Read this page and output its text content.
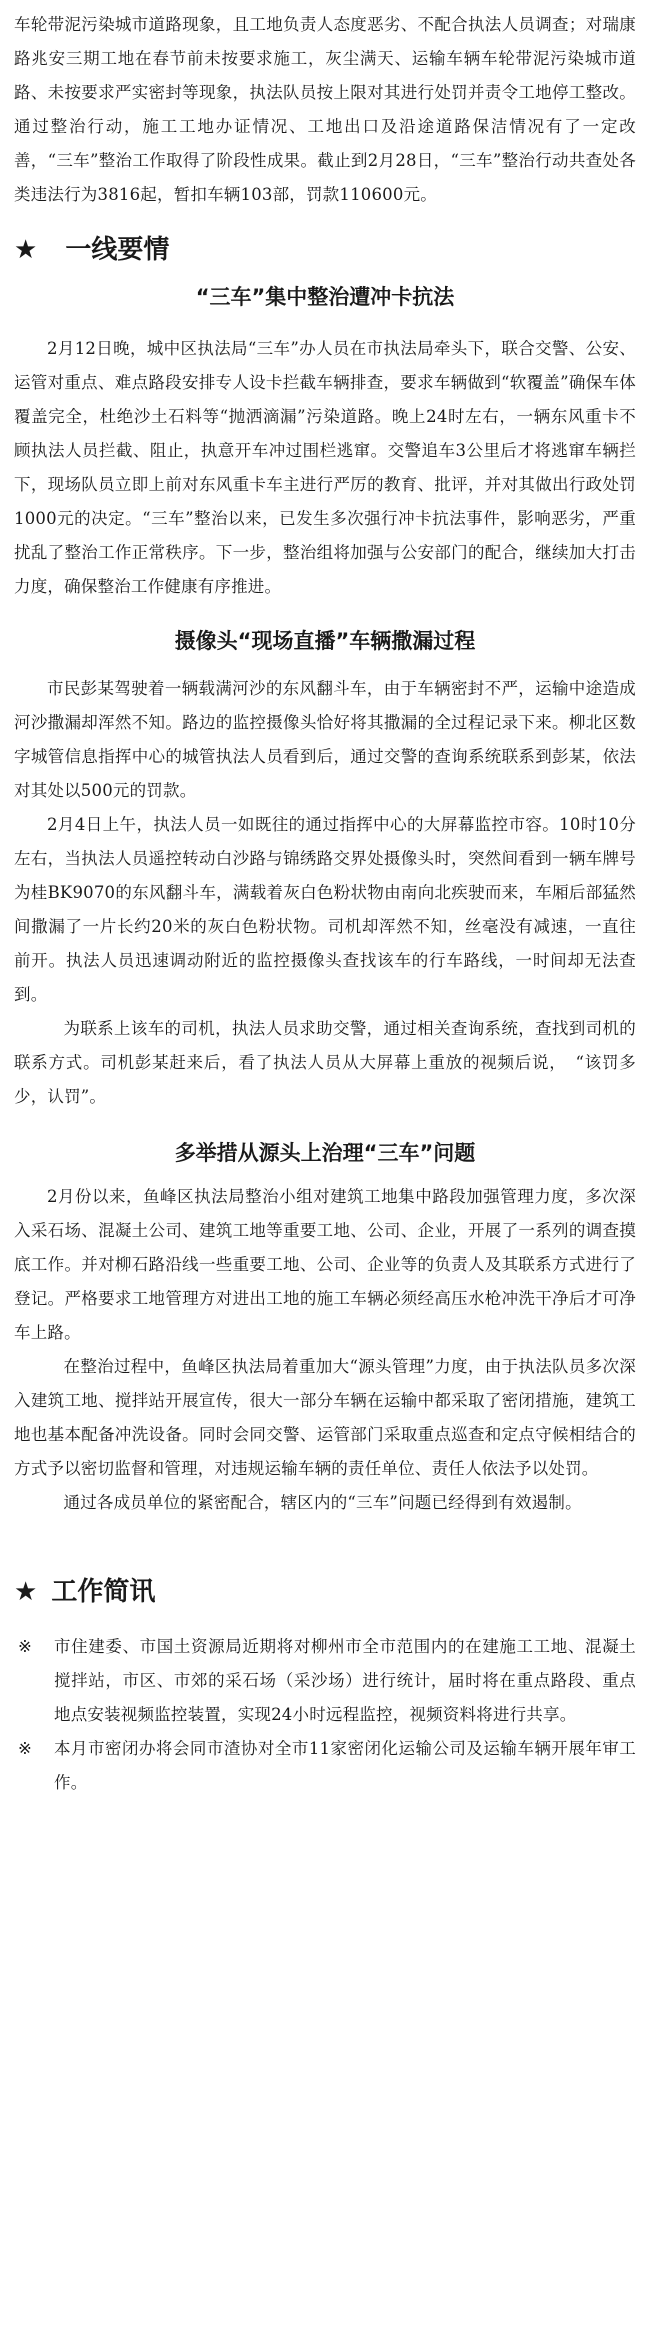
车轮带泥污染城市道路现象，且工地负责人态度恶劣、不配合执法人员调查；对瑞康路兆安三期工地在春节前未按要求施工，灰尘满天、运输车辆车轮带泥污染城市道路、未按要求严实密封等现象，执法队员按上限对其进行处罚并责令工地停工整改。通过整治行动，施工工地办证情况、工地出口及沿途道路保洁情况有了一定改善，“三车”整治工作取得了阶段性成果。截止到2月28日，“三车”整治行动共查处各类违法行为3816起，暂扣车辆103部，罚款110600元。

★ 一线要情
“三车”集中整治遭冲卡抗法

2月12日晚，城中区执法局“三车”办人员在市执法局牵头下，联合交警、公安、运管对重点、难点路段安排专人设卡拦截车辆排查，要求车辆做到“软覆盖”确保车体覆盖完全，杜绝沙土石料等“抛洒滴漏”污染道路。晚上24时左右，一辆东风重卡不顾执法人员拦截、阻止，执意开车冲过围栏逃窜。交警追车3公里后才将逃窜车辆拦下，现场队员立即上前对东风重卡车主进行严厉的教育、批评，并对其做出行政处罚1000元的决定。“三车”整治以来，已发生多次强行冲卡抗法事件，影响恶劣，严重扰乱了整治工作正常秩序。下一步，整治组将加强与公安部门的配合，继续加大打击力度，确保整治工作健康有序推进。

摄像头“现场直播”车辆撒漏过程

市民彭某驾驶着一辆载满河沙的东风翻斗车，由于车辆密封不严，运输中途造成河沙撒漏却浑然不知。路边的监控摄像头恰好将其撒漏的全过程记录下来。柳北区数字城管信息指挥中心的城管执法人员看到后，通过交警的查询系统联系到彭某，依法对其处以500元的罚款。

2月4日上午，执法人员一如既往的通过指挥中心的大屏幕监控市容。10时10分左右，当执法人员遥控转动白沙路与锦绣路交界处摄像头时，突然间看到一辆车牌号为桂BK9070的东风翻斗车，满载着灰白色粉状物由南向北疾驶而来，车厢后部猛然间撒漏了一片长约20米的灰白色粉状物。司机却浑然不知，丝毫没有减速，一直往前开。执法人员迅速调动附近的监控摄像头查找该车的行车路线，一时间却无法查到。

为联系上该车的司机，执法人员求助交警，通过相关查询系统，查找到司机的联系方式。司机彭某赶来后，看了执法人员从大屏幕上重放的视频后说，　“该罚多少，认罚”。

多举措从源头上治理“三车”问题

2月份以来，鱼峰区执法局整治小组对建筑工地集中路段加强管理力度，多次深入采石场、混凝土公司、建筑工地等重要工地、公司、企业，开展了一系列的调查摸底工作。并对柳石路沿线一些重要工地、公司、企业等的负责人及其联系方式进行了登记。严格要求工地管理方对进出工地的施工车辆必须经高压水枪冲洗干净后才可净车上路。

在整治过程中，鱼峰区执法局着重加大“源头管理”力度，由于执法队员多次深入建筑工地、搅拌站开展宣传，很大一部分车辆在运输中都采取了密闭措施，建筑工地也基本配备冲洗设备。同时会同交警、运管部门采取重点巡查和定点守候相结合的方式予以密切监督和管理，对违规运输车辆的责任单位、责任人依法予以处罚。

通过各成员单位的紧密配合，辖区内的“三车”问题已经得到有效遏制。

★ 工作简讯
※	市住建委、市国土资源局近期将对柳州市全市范围内的在建施工工地、混凝土搅拌站，市区、市郊的采石场（采沙场）进行统计，届时将在重点路段、重点地点安装视频监控装置，实现24小时远程监控，视频资料将进行共享。

※	本月市密闭办将会同市渣协对全市11家密闭化运输公司及运输车辆开展年审工作。
